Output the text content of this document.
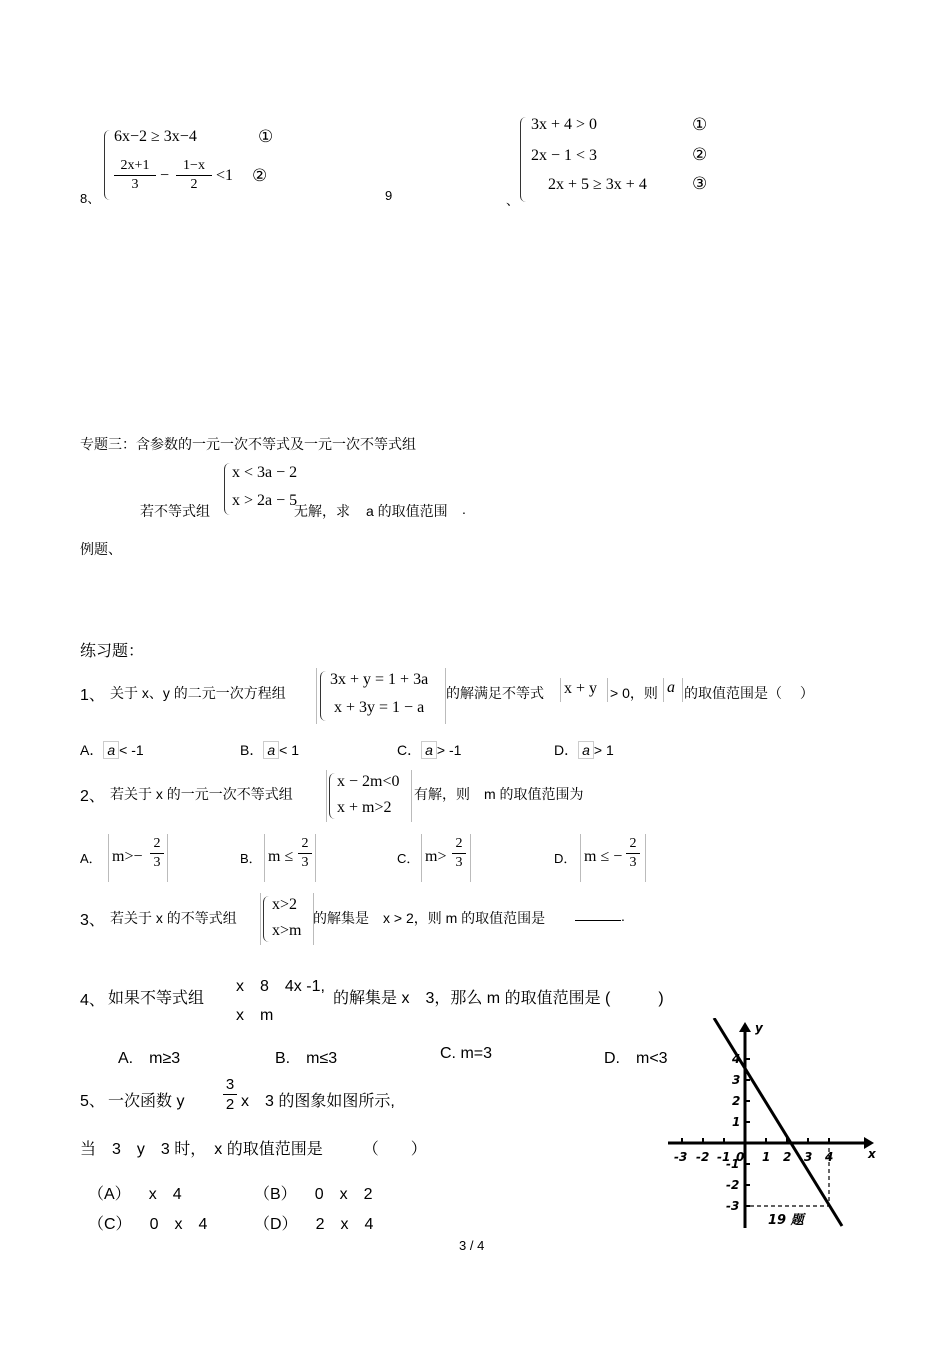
8、
6x−2 ≥ 3x−4	①
2x+1
3
−
1−x
2
<1 ②
9	、
3x + 4 > 0
2x − 1 < 3
2x + 5 ≥ 3x + 4
①
②
③
专题三：含参数的一元一次不等式及一元一次不等式组
若不等式组
x < 3a − 2
x > 2a − 5
无解，求 a 的取值范围 .
例题、
练习题：
1、 关于 x、y 的二元一次方程组
3x + y = 1 + 3a
x + 3y = 1 − a
的解满足不等式 x + y > 0，则 a 的取值范围是（　 ）
A． a < -1	B． a < 1	C． a > -1	D． a > 1
2、 若关于 x 的一元一次不等式组
x − 2m<0
x + m>2
有解，则　m 的取值范围为
A． m>−
2
3	B． m ≤
2
3	C． m>
2
3	D． m ≤ −
2
3
3、 若关于 x 的不等式组
x>2
x>m
的解集是　x > 2，则 m 的取值范围是	.
4、 如果不等式组
x　8　4x -1,
x　m
的解集是 x　3，那么 m 的取值范围是 (　　　)
A.　m≥3	B.　m≤3	C. m=3	D.　m<3
5、 一次函数 y
3
2 x　3 的图象如图所示,
当　3　y　3 时，　x 的取值范围是　　　（　　）
（A） x　4	（B） 0　x　2
（C） 0　x　4	（D） 2　x　4
x
y
0
-3 -2 -1	1 2 3 4
4
3
2
1
-1
-2
-3
19 题
3 / 4
